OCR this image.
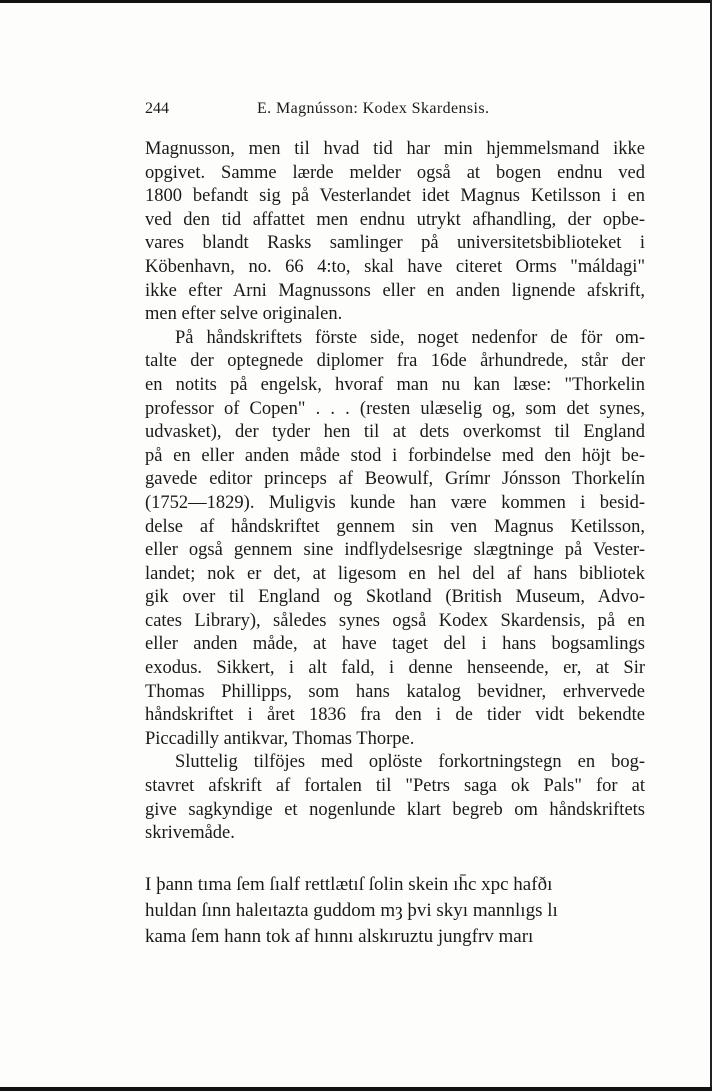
244	E. Magnússon: Kodex Skardensis.
Magnusson, men til hvad tid har min hjemmelsmand ikke
opgivet. Samme lærde melder også at bogen endnu ved
1800 befandt sig på Vesterlandet idet Magnus Ketilsson i en
ved den tid affattet men endnu utrykt afhandling, der opbe-
vares blandt Rasks samlinger på universitetsbiblioteket i
Köbenhavn, no. 66 4:to, skal have citeret Orms "máldagi"
ikke efter Arni Magnussons eller en anden lignende afskrift,
men efter selve originalen.
På håndskriftets förste side, noget nedenfor de för om-
talte der optegnede diplomer fra 16de århundrede, står der
en notits på engelsk, hvoraf man nu kan læse: "Thorkelin
professor of Copen" . . . (resten ulæselig og, som det synes,
udvasket), der tyder hen til at dets overkomst til England
på en eller anden måde stod i forbindelse med den höjt be-
gavede editor princeps af Beowulf, Grímr Jónsson Thorkelín
(1752—1829). Muligvis kunde han være kommen i besid-
delse af håndskriftet gennem sin ven Magnus Ketilsson,
eller også gennem sine indflydelsesrige slægtninge på Vester-
landet; nok er det, at ligesom en hel del af hans bibliotek
gik over til England og Skotland (British Museum, Advo-
cates Library), således synes også Kodex Skardensis, på en
eller anden måde, at have taget del i hans bogsamlings
exodus. Sikkert, i alt fald, i denne henseende, er, at Sir
Thomas Phillipps, som hans katalog bevidner, erhvervede
håndskriftet i året 1836 fra den i de tider vidt bekendte
Piccadilly antikvar, Thomas Thorpe.
Sluttelig tilföjes med oplöste forkortningstegn en bog-
stavret afskrift af fortalen til "Petrs saga ok Pals" for at
give sagkyndige et nogenlunde klart begreb om håndskriftets
skrivemåde.
I þann tıma ſem ſıalf rettlætıſ ſolin skein ıh̄c xpc hafðı
huldan ſınn haleıtazta guddom mȝ þvi skyı mannlıgs lı
kama ſem hann tok af hınnı alskıruztu jungfrv marı
